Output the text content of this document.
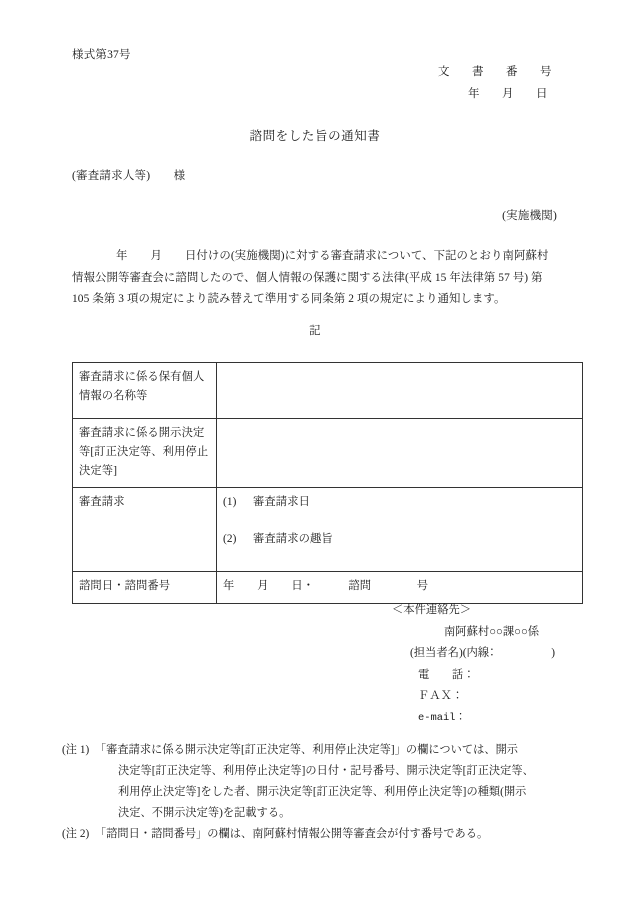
様式第37号
文　書　番　号
年　月　日
諮問をした旨の通知書
(審査請求人等)　　様
(実施機関)

年　　月　　日付けの(実施機関)に対する審査請求について、下記のとおり南阿蘇村
情報公開等審査会に諮問したので、個人情報の保護に関する法律(平成 15 年法律第 57 号) 第
105 条第 3 項の規定により読み替えて準用する同条第 2 項の規定により通知します。

記
審査請求に係る保有個人情報の名称等	
審査請求に係る開示決定等[訂正決定等、利用停止決定等]	
審査請求	(1) 審査請求日
(2) 審査請求の趣旨

諮問日・諮問番号	年　　月　　日・　　　諮問　　　　号
＜本件連絡先＞
南阿蘇村○○課○○係
(担当者名)(内線：　　　　　)
電　　話：
ＦＡＸ：
e-mail：
(注 1)　 「審査請求に係る開示決定等[訂正決定等、利用停止決定等]」の欄については、開示
決定等[訂正決定等、利用停止決定等]の日付・記号番号、開示決定等[訂正決定等、
利用停止決定等]をした者、開示決定等[訂正決定等、利用停止決定等]の種類(開示
決定、不開示決定等)を記載する。
(注 2)　 「諮問日・諮問番号」の欄は、南阿蘇村情報公開等審査会が付す番号である。
